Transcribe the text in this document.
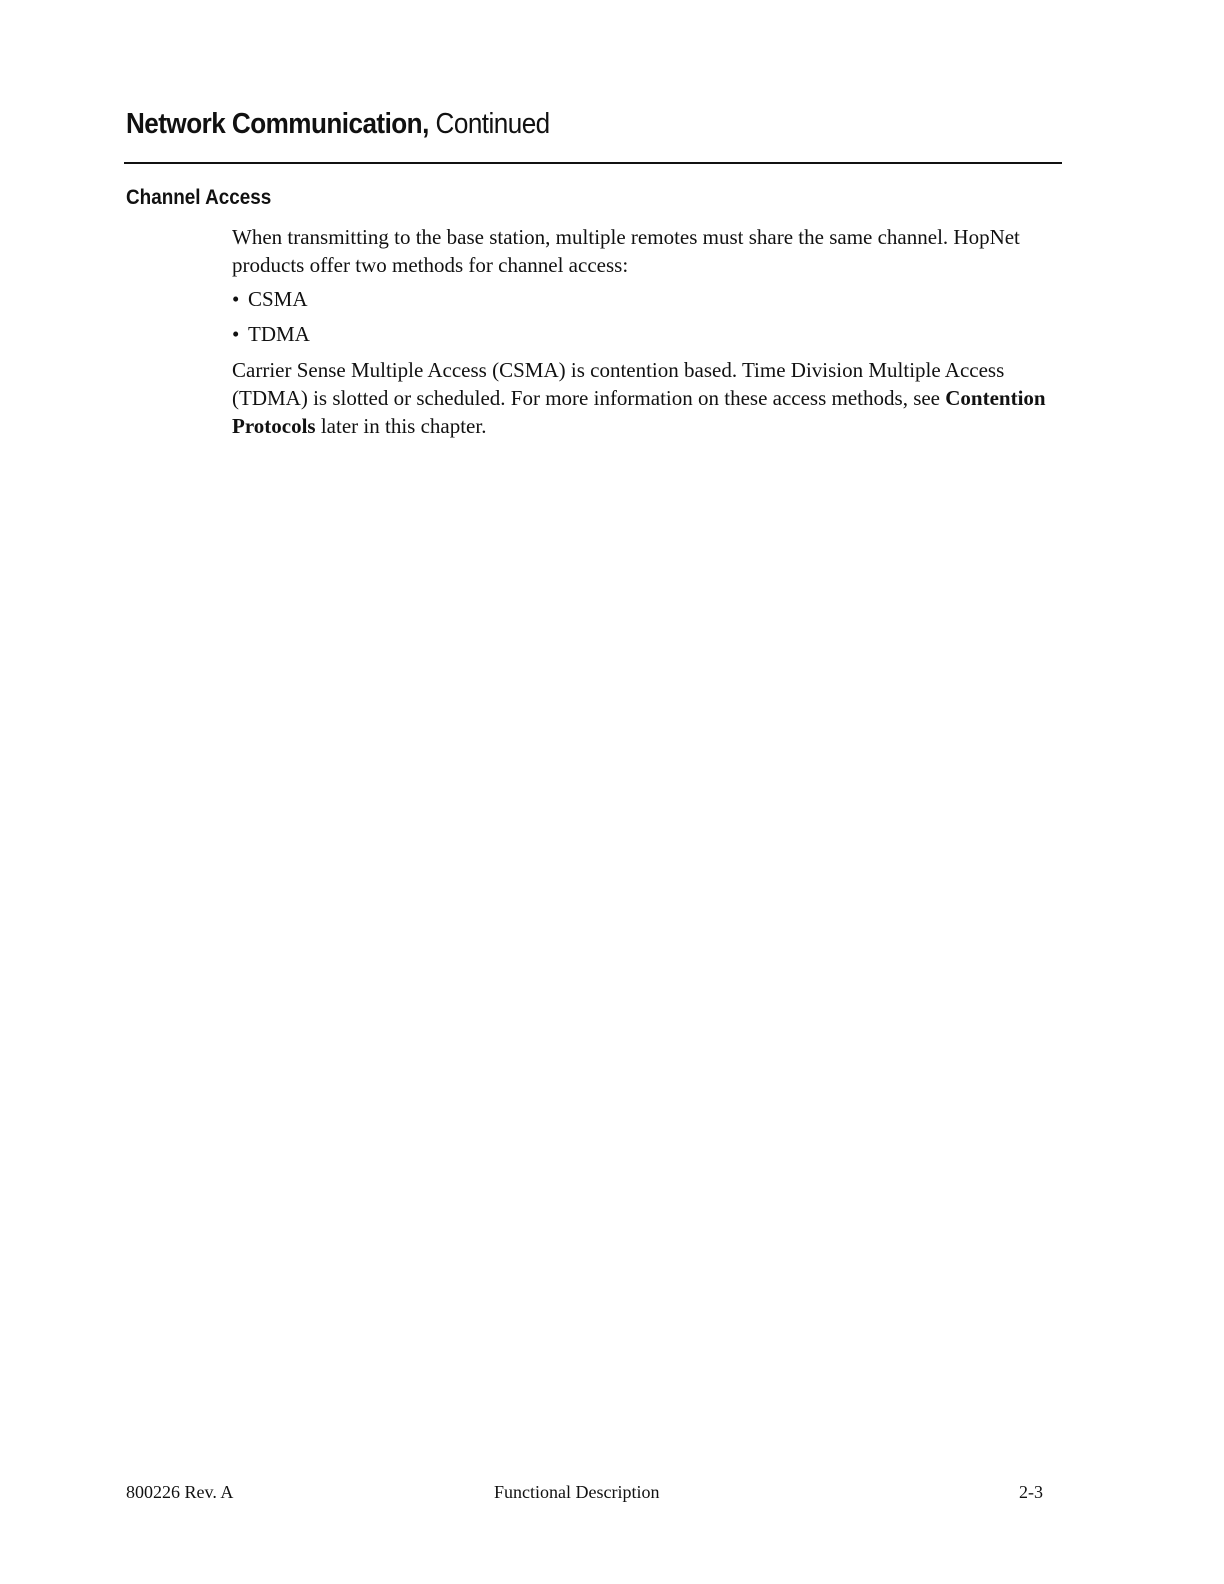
Network Communication, Continued
Channel Access

When transmitting to the base station, multiple remotes must share the same channel. HopNet products offer two methods for channel access:

• CSMA
• TDMA

Carrier Sense Multiple Access (CSMA) is contention based. Time Division Multiple Access (TDMA) is slotted or scheduled. For more information on these access methods, see Contention Protocols later in this chapter.

800226 Rev. A	Functional Description	2-3
